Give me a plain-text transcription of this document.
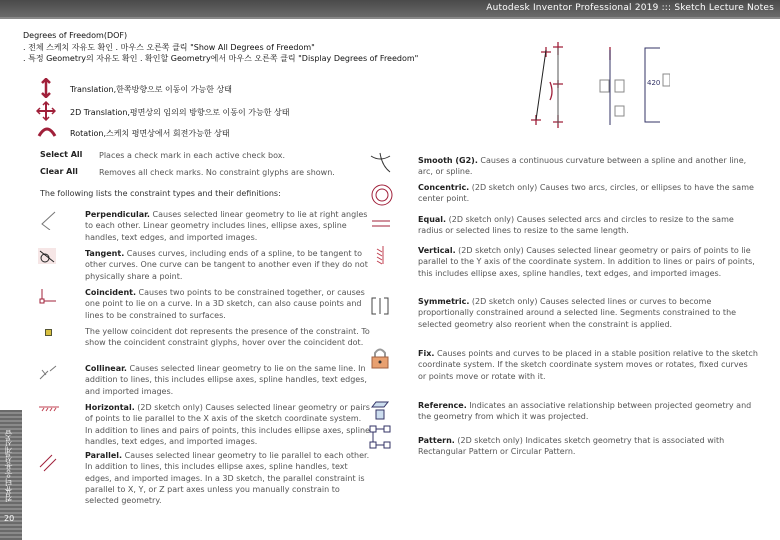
Autodesk Inventor Professional 2019 ::: Sketch Lecture Notes
컴퓨터응용설계실습
20
Degrees of Freedom(DOF)
. 전체 스케치 자유도 확인 . 마우스 오른쪽 클릭 "Show All Degrees of Freedom"
. 특정 Geometry의 자유도 확인 . 확인할 Geometry에서 마우스 오른쪽 클릭 "Display Degrees of Freedom"
Translation,한쪽방향으로 이동이 가능한 상태
2D Translation,평면상의 임의의 방향으로 이동이 가능한 상태
Rotation,스케치 평면상에서 회전가능한 상태
420
Select All Places a check mark in each active check box.
Clear All	Removes all check marks. No constraint glyphs are shown.
The following lists the constraint types and their definitions:
Perpendicular. Causes selected linear geometry to lie at right angles to each other. Linear geometry includes lines, ellipse axes, spline handles, text edges, and imported images.
Tangent. Causes curves, including ends of a spline, to be tangent to other curves. One curve can be tangent to another even if they do not physically share a point.
Coincident. Causes two points to be constrained together, or causes one point to lie on a curve. In a 3D sketch, can also cause points and lines to be constrained to surfaces.
The yellow coincident dot represents the presence of the constraint. To show the coincident constraint glyphs, hover over the coincident dot.
Collinear. Causes selected linear geometry to lie on the same line. In addition to lines, this includes ellipse axes, spline handles, text edges, and imported images.
Horizontal. (2D sketch only) Causes selected linear geometry or pairs of points to lie parallel to the X axis of the sketch coordinate system. In addition to lines and pairs of points, this includes ellipse axes, spline handles, text edges, and imported images.
Parallel. Causes selected linear geometry to lie parallel to each other. In addition to lines, this includes ellipse axes, spline handles, text edges, and imported images. In a 3D sketch, the parallel constraint is parallel to X, Y, or Z part axes unless you manually constrain to selected geometry.
Smooth (G2). Causes a continuous curvature between a spline and another line, arc, or spline.
Concentric. (2D sketch only) Causes two arcs, circles, or ellipses to have the same center point.
Equal. (2D sketch only) Causes selected arcs and circles to resize to the same radius or selected lines to resize to the same length.
Vertical. (2D sketch only) Causes selected linear geometry or pairs of points to lie parallel to the Y axis of the coordinate system. In addition to lines or pairs of points, this includes ellipse axes, spline handles, text edges, and imported images.
Symmetric. (2D sketch only) Causes selected lines or curves to become proportionally constrained around a selected line. Segments constrained to the selected geometry also reorient when the constraint is applied.
Fix. Causes points and curves to be placed in a stable position relative to the sketch coordinate system. If the sketch coordinate system moves or rotates, fixed curves or points move or rotate with it.
Reference. Indicates an associative relationship between projected geometry and the geometry from which it was projected.
Pattern. (2D sketch only) Indicates sketch geometry that is associated with Rectangular Pattern or Circular Pattern.
